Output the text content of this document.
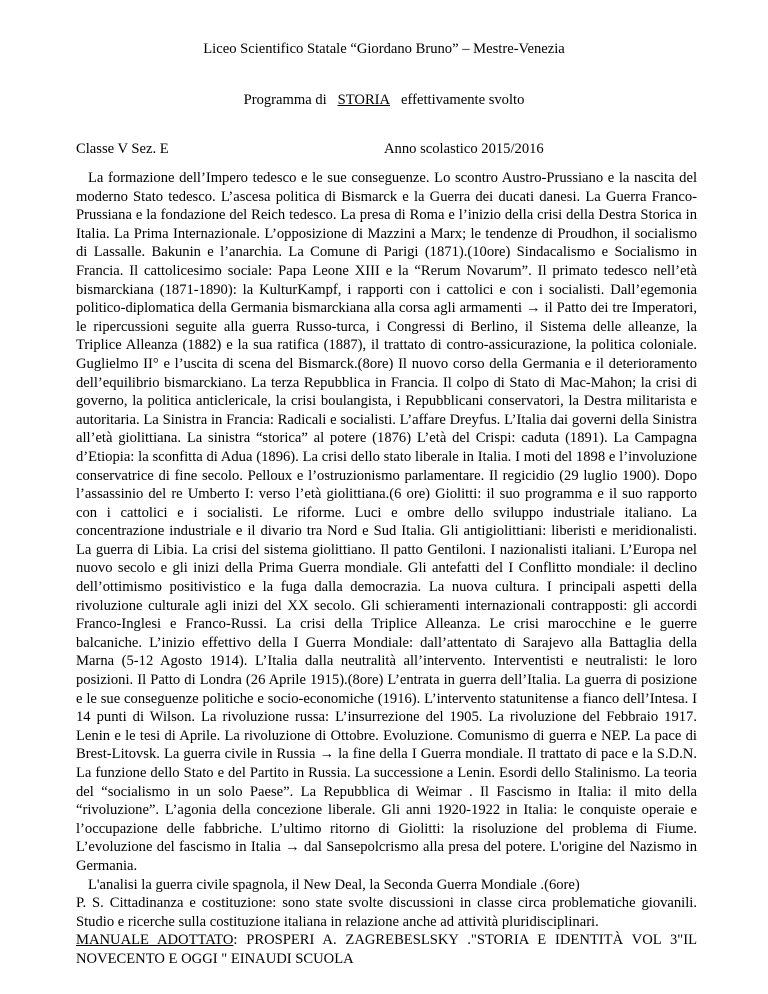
Liceo Scientifico Statale “Giordano Bruno” – Mestre-Venezia
Programma di STORIA effettivamente svolto
Classe V Sez. E	Anno scolastico 2015/2016

La formazione dell’Impero tedesco e le sue conseguenze. Lo scontro Austro-Prussiano e la nascita del moderno Stato tedesco. L’ascesa politica di Bismarck e la Guerra dei ducati danesi. La Guerra Franco-Prussiana e la fondazione del Reich tedesco. La presa di Roma e l’inizio della crisi della Destra Storica in Italia. La Prima Internazionale. L’opposizione di Mazzini a Marx; le tendenze di Proudhon, il socialismo di Lassalle. Bakunin e l’anarchia. La Comune di Parigi (1871).(10ore) Sindacalismo e Socialismo in Francia. Il cattolicesimo sociale: Papa Leone XIII e la “Rerum Novarum”. Il primato tedesco nell’età bismarckiana (1871-1890): la KulturKampf, i rapporti con i cattolici e con i socialisti. Dall’egemonia politico-diplomatica della Germania bismarckiana alla corsa agli armamenti → il Patto dei tre Imperatori, le ripercussioni seguite alla guerra Russo-turca, i Congressi di Berlino, il Sistema delle alleanze, la Triplice Alleanza (1882) e la sua ratifica (1887), il trattato di contro-assicurazione, la politica coloniale. Guglielmo II° e l’uscita di scena del Bismarck.(8ore) Il nuovo corso della Germania e il deterioramento dell’equilibrio bismarckiano. La terza Repubblica in Francia. Il colpo di Stato di Mac-Mahon; la crisi di governo, la politica anticlericale, la crisi boulangista, i Repubblicani conservatori, la Destra militarista e autoritaria. La Sinistra in Francia: Radicali e socialisti. L’affare Dreyfus. L’Italia dai governi della Sinistra all’età giolittiana. La sinistra “storica” al potere (1876) L’età del Crispi: caduta (1891). La Campagna d’Etiopia: la sconfitta di Adua (1896). La crisi dello stato liberale in Italia. I moti del 1898 e l’involuzione conservatrice di fine secolo. Pelloux e l’ostruzionismo parlamentare. Il regicidio (29 luglio 1900). Dopo l’assassinio del re Umberto I: verso l’età giolittiana.(6 ore) Giolitti: il suo programma e il suo rapporto con i cattolici e i socialisti. Le riforme. Luci e ombre dello sviluppo industriale italiano. La concentrazione industriale e il divario tra Nord e Sud Italia. Gli antigiolittiani: liberisti e meridionalisti. La guerra di Libia. La crisi del sistema giolittiano. Il patto Gentiloni. I nazionalisti italiani. L’Europa nel nuovo secolo e gli inizi della Prima Guerra mondiale. Gli antefatti del I Conflitto mondiale: il declino dell’ottimismo positivistico e la fuga dalla democrazia. La nuova cultura. I principali aspetti della rivoluzione culturale agli inizi del XX secolo. Gli schieramenti internazionali contrapposti: gli accordi Franco-Inglesi e Franco-Russi. La crisi della Triplice Alleanza. Le crisi marocchine e le guerre balcaniche. L’inizio effettivo della I Guerra Mondiale: dall’attentato di Sarajevo alla Battaglia della Marna (5-12 Agosto 1914). L’Italia dalla neutralità all’intervento. Interventisti e neutralisti: le loro posizioni. Il Patto di Londra (26 Aprile 1915).(8ore) L’entrata in guerra dell’Italia. La guerra di posizione e le sue conseguenze politiche e socio-economiche (1916). L’intervento statunitense a fianco dell’Intesa. I 14 punti di Wilson. La rivoluzione russa: L’insurrezione del 1905. La rivoluzione del Febbraio 1917. Lenin e le tesi di Aprile. La rivoluzione di Ottobre. Evoluzione. Comunismo di guerra e NEP. La pace di Brest-Litovsk. La guerra civile in Russia → la fine della I Guerra mondiale. Il trattato di pace e la S.D.N. La funzione dello Stato e del Partito in Russia. La successione a Lenin. Esordi dello Stalinismo. La teoria del “socialismo in un solo Paese”. La Repubblica di Weimar . Il Fascismo in Italia: il mito della “rivoluzione”. L’agonia della concezione liberale. Gli anni 1920-1922 in Italia: le conquiste operaie e l’occupazione delle fabbriche. L’ultimo ritorno di Giolitti: la risoluzione del problema di Fiume. L’evoluzione del fascismo in Italia → dal Sansepolcrismo alla presa del potere. L'origine del Nazismo in Germania.

L'analisi la guerra civile spagnola, il New Deal, la Seconda Guerra Mondiale .(6ore)

P. S. Cittadinanza e costituzione: sono state svolte discussioni in classe circa problematiche giovanili. Studio e ricerche sulla costituzione italiana in relazione anche ad attività pluridisciplinari.

MANUALE ADOTTATO: PROSPERI A. ZAGREBESLSKY ."STORIA E IDENTITÀ VOL 3"IL NOVECENTO E OGGI " EINAUDI SCUOLA
